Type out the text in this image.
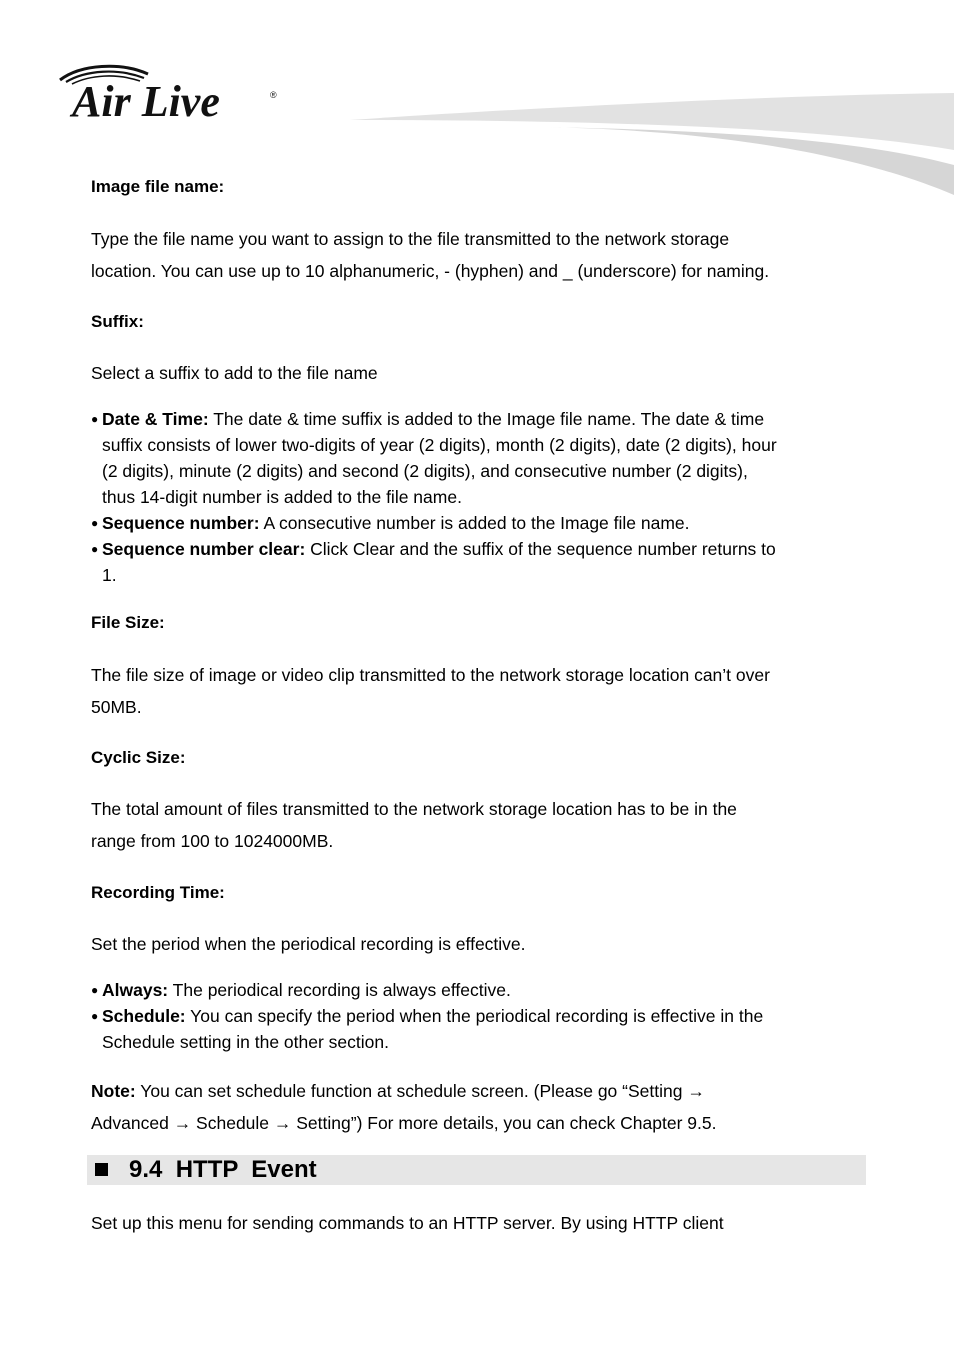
Air Live	®
Image file name:
Type the file name you want to assign to the file transmitted to the network storage
location. You can use up to 10 alphanumeric, - (hyphen) and _ (underscore) for naming.
Suffix:
Select a suffix to add to the file name
● Date & Time: The date & time suffix is added to the Image file name. The date & time
suffix consists of lower two-digits of year (2 digits), month (2 digits), date (2 digits), hour
(2 digits), minute (2 digits) and second (2 digits), and consecutive number (2 digits),
thus 14-digit number is added to the file name.
● Sequence number: A consecutive number is added to the Image file name.
● Sequence number clear: Click Clear and the suffix of the sequence number returns to
1.
File Size:
The file size of image or video clip transmitted to the network storage location can’t over
50MB.
Cyclic Size:
The total amount of files transmitted to the network storage location has to be in the
range from 100 to 1024000MB.
Recording Time:
Set the period when the periodical recording is effective.
● Always: The periodical recording is always effective.
● Schedule: You can specify the period when the periodical recording is effective in the
Schedule setting in the other section.
Note: You can set schedule function at schedule screen. (Please go “Setting →
Advanced → Schedule → Setting”) For more details, you can check Chapter 9.5.
Set up this menu for sending commands to an HTTP server. By using HTTP client
9.4  HTTP  Event
